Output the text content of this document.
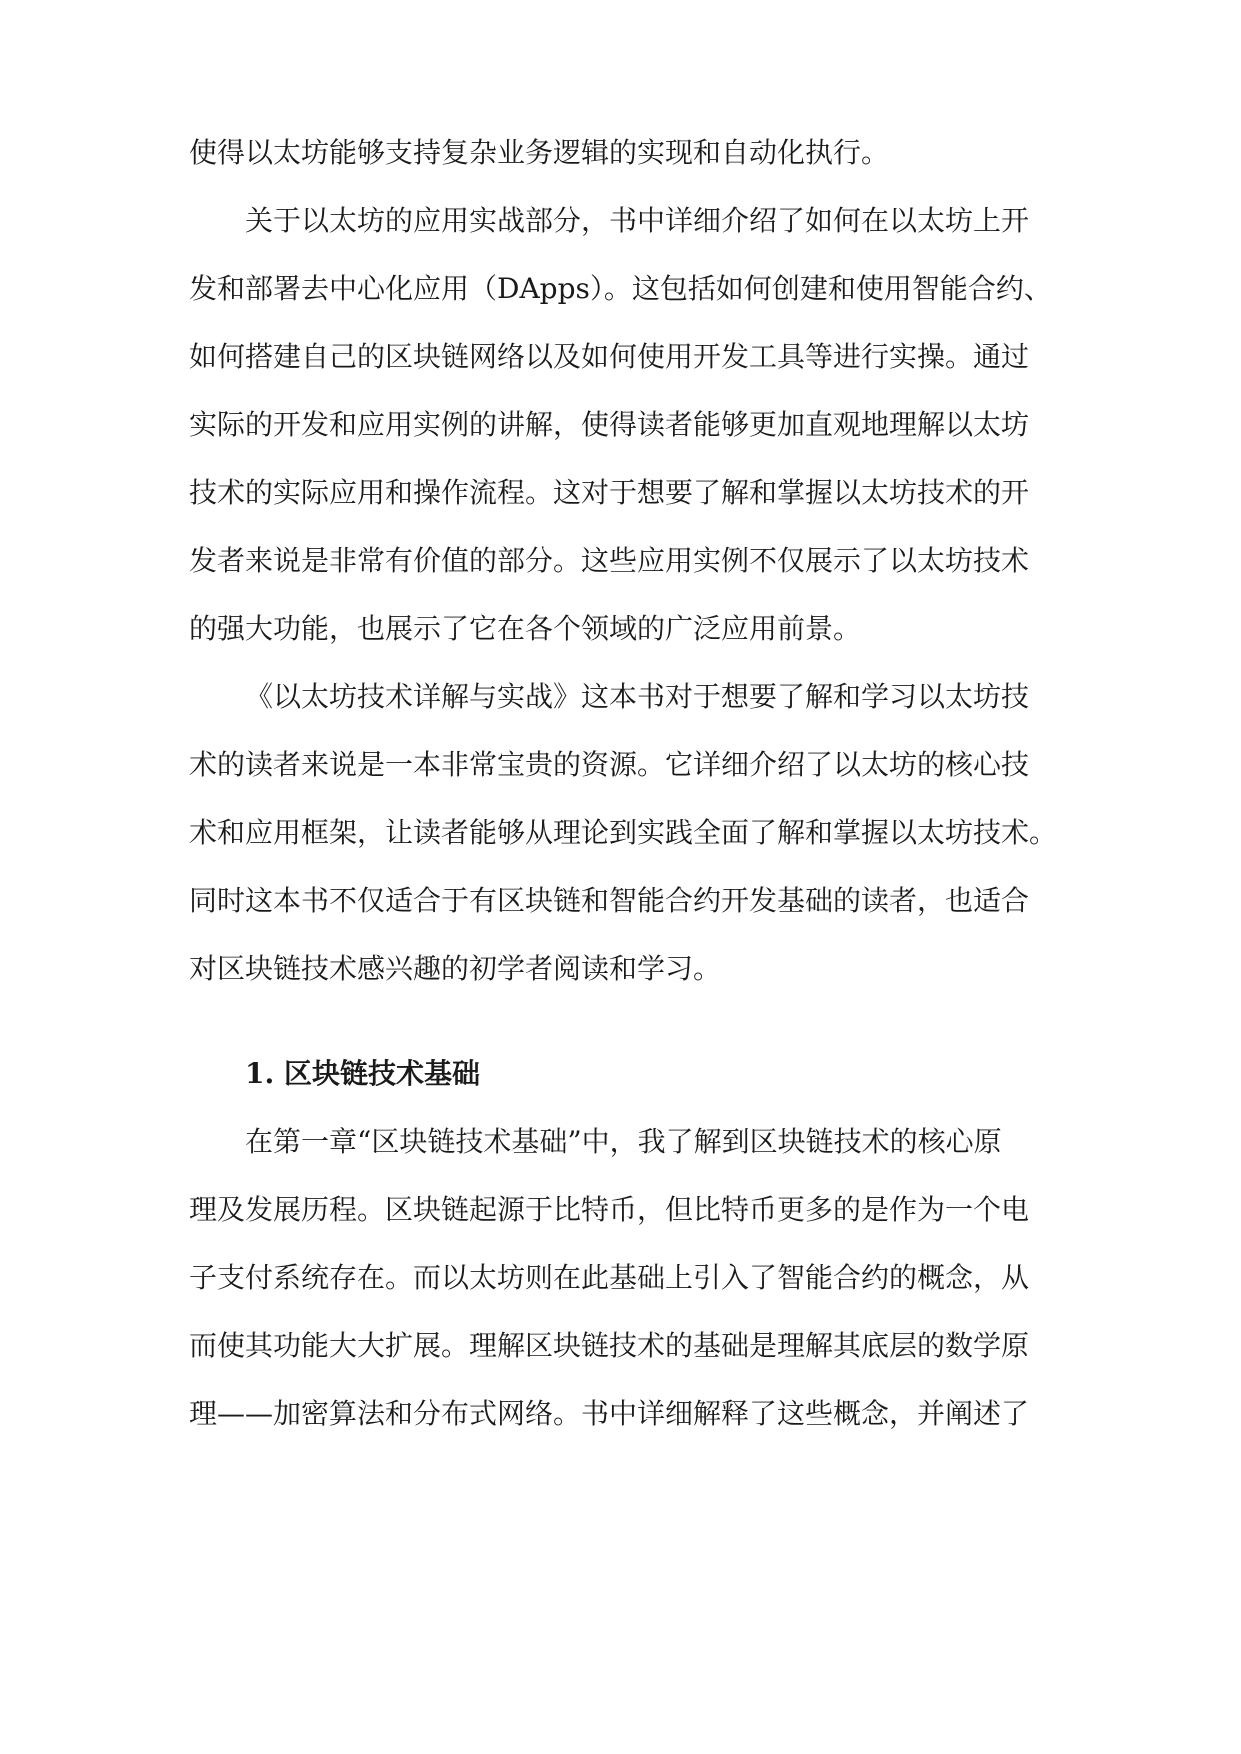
使得以太坊能够支持复杂业务逻辑的实现和自动化执行。
关于以太坊的应用实战部分，书中详细介绍了如何在以太坊上开
发和部署去中心化应用（DApps）。这包括如何创建和使用智能合约、
如何搭建自己的区块链网络以及如何使用开发工具等进行实操。通过
实际的开发和应用实例的讲解，使得读者能够更加直观地理解以太坊
技术的实际应用和操作流程。这对于想要了解和掌握以太坊技术的开
发者来说是非常有价值的部分。这些应用实例不仅展示了以太坊技术
的强大功能，也展示了它在各个领域的广泛应用前景。
《以太坊技术详解与实战》这本书对于想要了解和学习以太坊技
术的读者来说是一本非常宝贵的资源。它详细介绍了以太坊的核心技
术和应用框架，让读者能够从理论到实践全面了解和掌握以太坊技术。
同时这本书不仅适合于有区块链和智能合约开发基础的读者，也适合
对区块链技术感兴趣的初学者阅读和学习。
1. 区块链技术基础
在第一章“区块链技术基础”中，我了解到区块链技术的核心原
理及发展历程。区块链起源于比特币，但比特币更多的是作为一个电
子支付系统存在。而以太坊则在此基础上引入了智能合约的概念，从
而使其功能大大扩展。理解区块链技术的基础是理解其底层的数学原
理——加密算法和分布式网络。书中详细解释了这些概念，并阐述了
